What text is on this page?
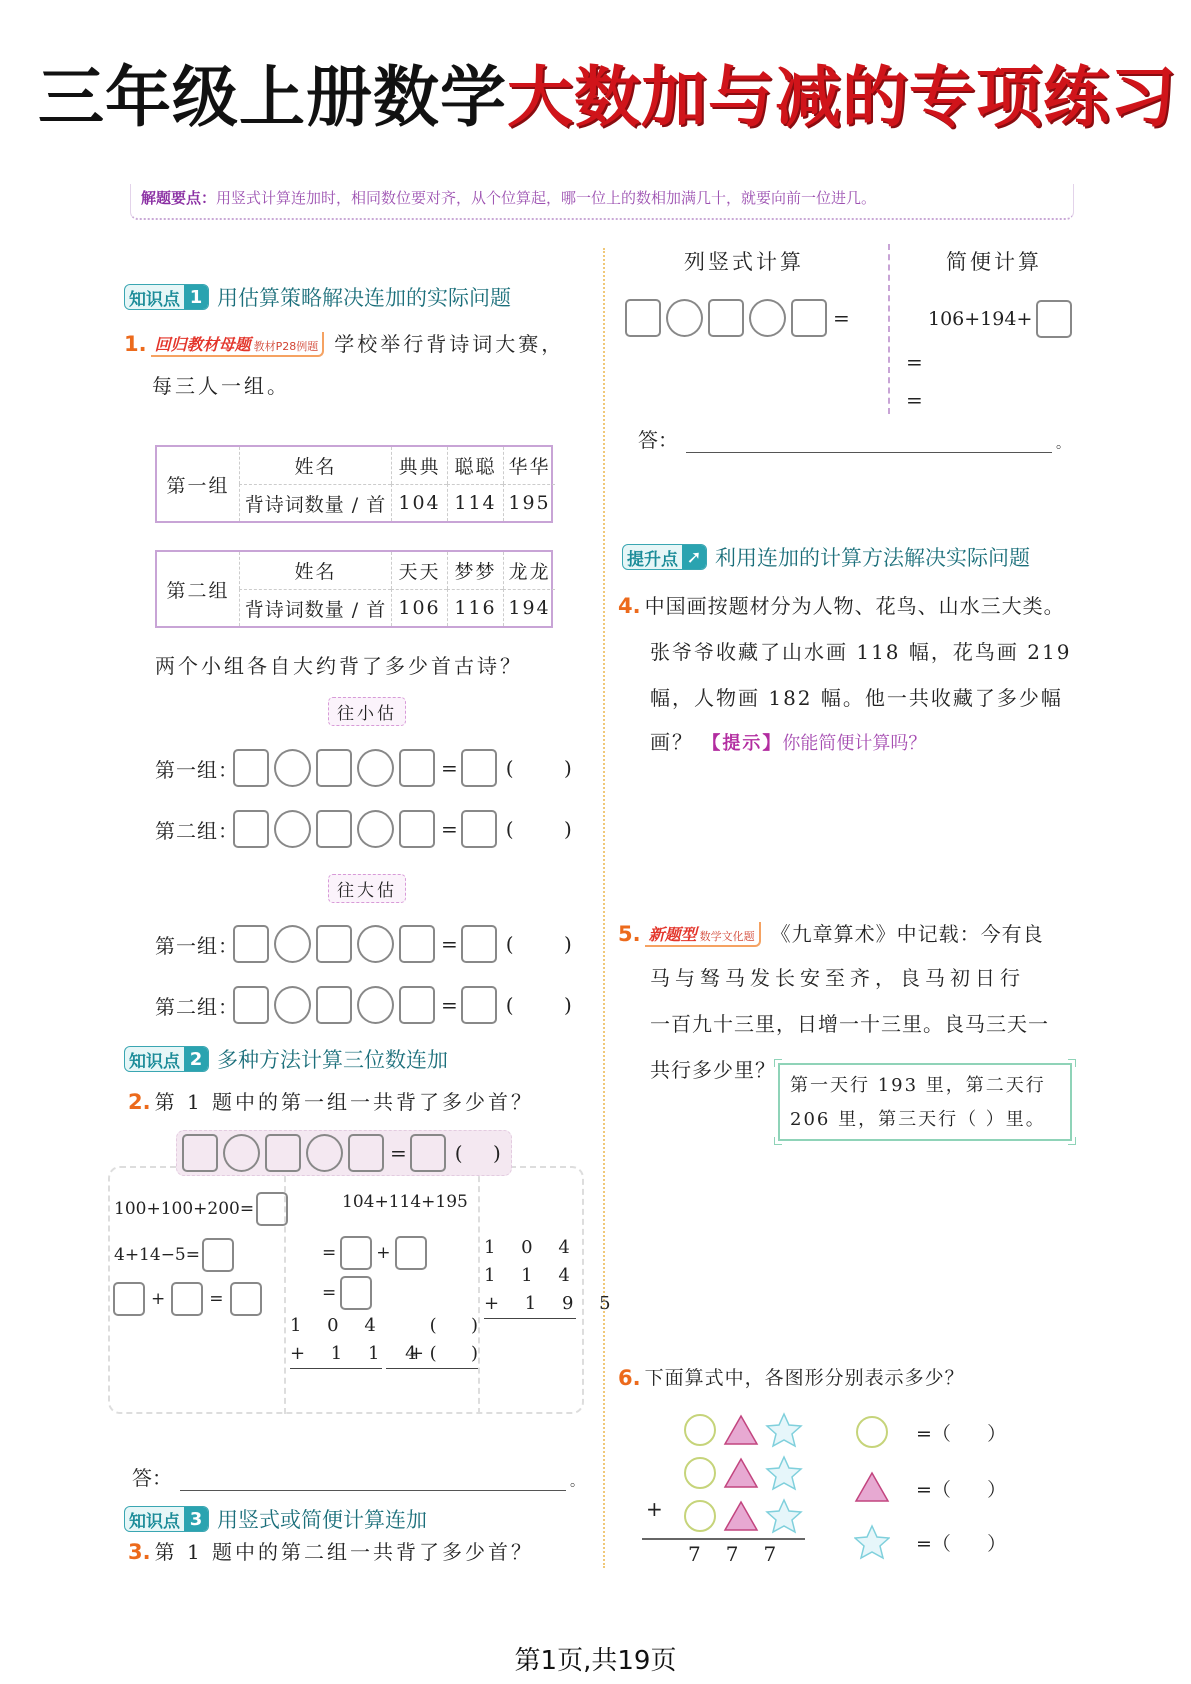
三年级上册数学大数加与减的专项练习
解题要点：用竖式计算连加时，相同数位要对齐，从个位算起，哪一位上的数相加满几十，就要向前一位进几。
知识点 1 用估算策略解决连加的实际问题
1. 回归教材母题 教材P28例题 学校举行背诗词大赛，
每三人一组。
第一组
姓名	典典 聪聪 华华
背诗词数量 / 首 104 114 195
第二组
姓名	天天 梦梦 龙龙
背诗词数量 / 首 106 116 194
两个小组各自大约背了多少首古诗？
往小估
第一组：	= (	)
第二组：	= (	)
往大估
第一组：	= (	)
第二组：	= (	)
知识点 2 多种方法计算三位数连加
2. 第 1 题中的第一组一共背了多少首？
= ( )
100+100+200=
4+14−5=
+	=
104+114+195
= +
=
1 0 4
+ 1 1 4
(      )
+ (      )
1 0 4
1 1 4
+ 1 9 5
答：	。
知识点 3 用竖式或简便计算连加
3. 第 1 题中的第二组一共背了多少首？
列竖式计算	简便计算
=	106+194+
=
=
答：	。
提升点 ➚ 利用连加的计算方法解决实际问题
4. 中国画按题材分为人物、花鸟、山水三大类。
张爷爷收藏了山水画 118 幅，花鸟画 219
幅，人物画 182 幅。他一共收藏了多少幅
画？ 【提示】你能简便计算吗？
5. 新题型 数学文化题 《九章算术》中记载：今有良
马与驽马发长安至齐，良马初日行
一百九十三里，日增一十三里。良马三天一
共行多少里？
第一天行 193 里，第二天行
206 里，第三天行（ ）里。
6. 下面算式中，各图形分别表示多少？
+
7 7 7
=（      ）
=（      ）
=（      ）
第1页,共19页
